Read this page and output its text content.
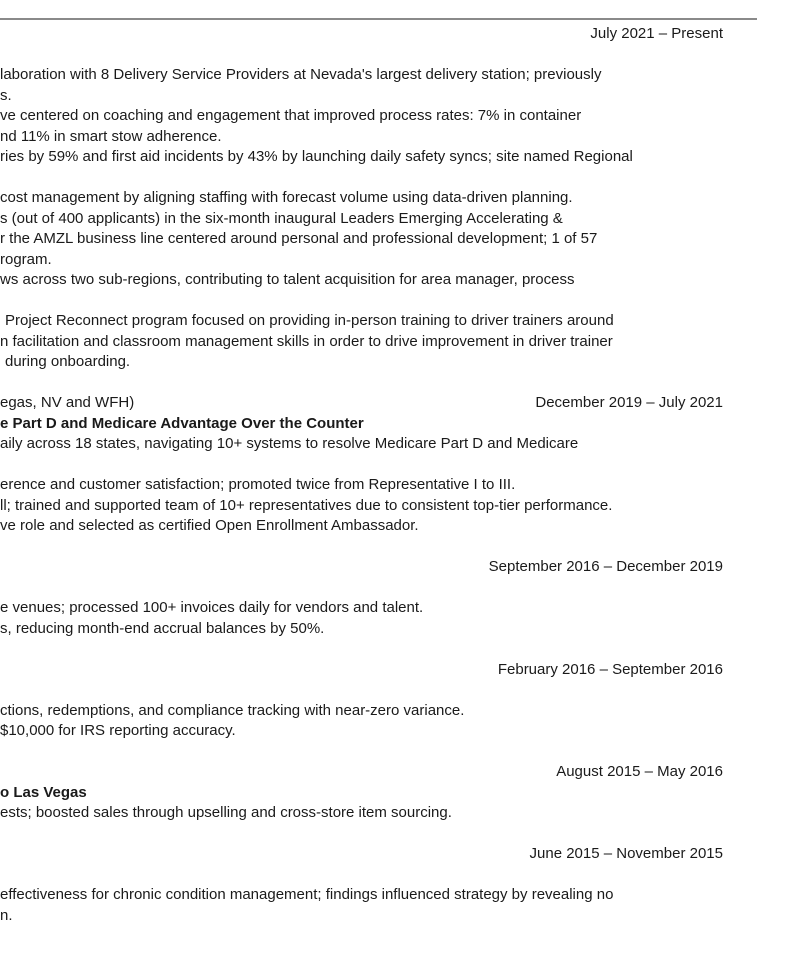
July 2021 – Present
laboration with 8 Delivery Service Providers at Nevada's largest delivery station; previously
s.
ve centered on coaching and engagement that improved process rates: 7% in container
nd 11% in smart stow adherence.
ries by 59% and first aid incidents by 43% by launching daily safety syncs; site named Regional
cost management by aligning staffing with forecast volume using data-driven planning.
s (out of 400 applicants) in the six-month inaugural Leaders Emerging Accelerating &
r the AMZL business line centered around personal and professional development; 1 of 57
rogram.
ws across two sub-regions, contributing to talent acquisition for area manager, process
Project Reconnect program focused on providing in-person training to driver trainers around
n facilitation and classroom management skills in order to drive improvement in driver trainer
during onboarding.
egas, NV and WFH)	December 2019 – July 2021
e Part D and Medicare Advantage Over the Counter
aily across 18 states, navigating 10+ systems to resolve Medicare Part D and Medicare
erence and customer satisfaction; promoted twice from Representative I to III.
ll; trained and supported team of 10+ representatives due to consistent top-tier performance.
ve role and selected as certified Open Enrollment Ambassador.
September 2016 – December 2019
e venues; processed 100+ invoices daily for vendors and talent.
s, reducing month-end accrual balances by 50%.
February 2016 – September 2016
ctions, redemptions, and compliance tracking with near-zero variance.
$10,000 for IRS reporting accuracy.
August 2015 – May 2016
o Las Vegas
ests; boosted sales through upselling and cross-store item sourcing.
June 2015 – November 2015
effectiveness for chronic condition management; findings influenced strategy by revealing no
n.
